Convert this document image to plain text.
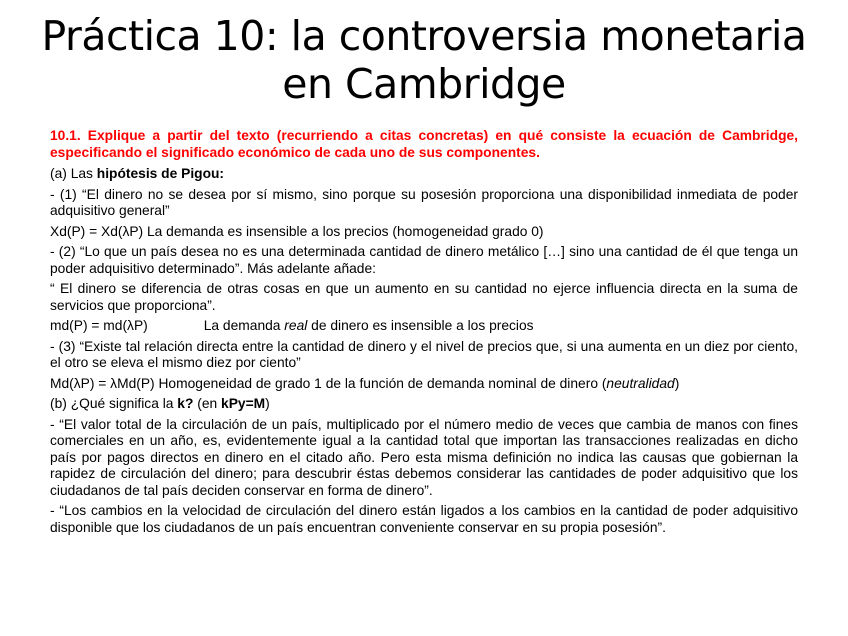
Práctica 10: la controversia monetaria
en Cambridge

10.1. Explique a partir del texto (recurriendo a citas concretas) en qué consiste la ecuación de Cambridge, especificando el significado económico de cada uno de sus componentes.

(a) Las hipótesis de Pigou:

- (1) “El dinero no se desea por sí mismo, sino porque su posesión proporciona una disponibilidad inmediata de poder adquisitivo general”

Xd(P) = Xd(λP) La demanda es insensible a los precios (homogeneidad grado 0)

- (2) “Lo que un país desea no es una determinada cantidad de dinero metálico […] sino una cantidad de él que tenga un poder adquisitivo determinado”. Más adelante añade:

“ El dinero se diferencia de otras cosas en que un aumento en su cantidad no ejerce influencia directa en la suma de servicios que proporciona”.

md(P) = md(λP)	La demanda real de dinero es insensible a los precios

- (3) “Existe tal relación directa entre la cantidad de dinero y el nivel de precios que, si una aumenta en un diez por ciento, el otro se eleva el mismo diez por ciento”

Md(λP) = λMd(P) Homogeneidad de grado 1 de la función de demanda nominal de dinero (neutralidad)

(b) ¿Qué significa la k? (en kPy=M)

- “El valor total de la circulación de un país, multiplicado por el número medio de veces que cambia de manos con fines comerciales en un año, es, evidentemente igual a la cantidad total que importan las transacciones realizadas en dicho país por pagos directos en dinero en el citado año. Pero esta misma definición no indica las causas que gobiernan la rapidez de circulación del dinero; para descubrir éstas debemos considerar las cantidades de poder adquisitivo que los ciudadanos de tal país deciden conservar en forma de dinero”.

- “Los cambios en la velocidad de circulación del dinero están ligados a los cambios en la cantidad de poder adquisitivo disponible que los ciudadanos de un país encuentran conveniente conservar en su propia posesión”.
